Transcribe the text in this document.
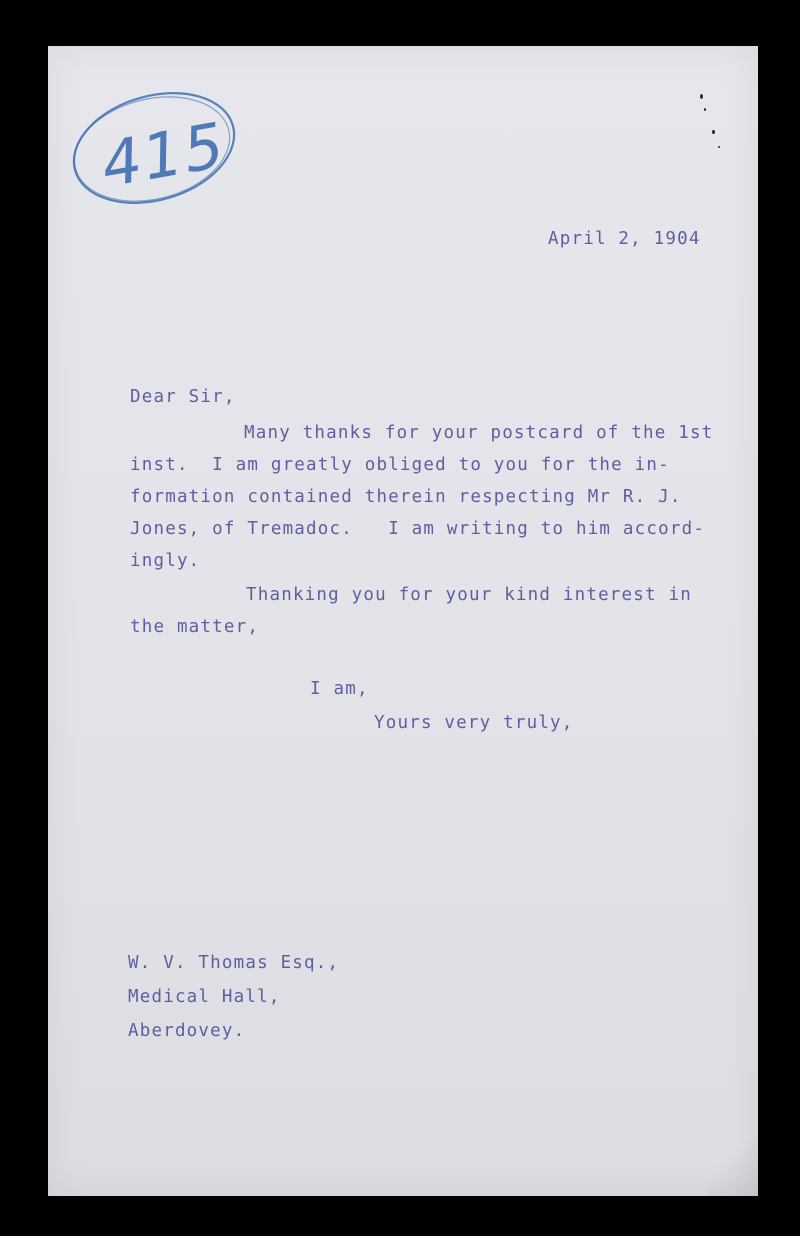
415
April 2, 1904
Dear Sir,
Many thanks for your postcard of the 1st
inst.  I am greatly obliged to you for the in-
formation contained therein respecting Mr R. J.
Jones, of Tremadoc.   I am writing to him accord-
ingly.
Thanking you for your kind interest in
the matter,
I am,
Yours very truly,
W. V. Thomas Esq.,
Medical Hall,
Aberdovey.
